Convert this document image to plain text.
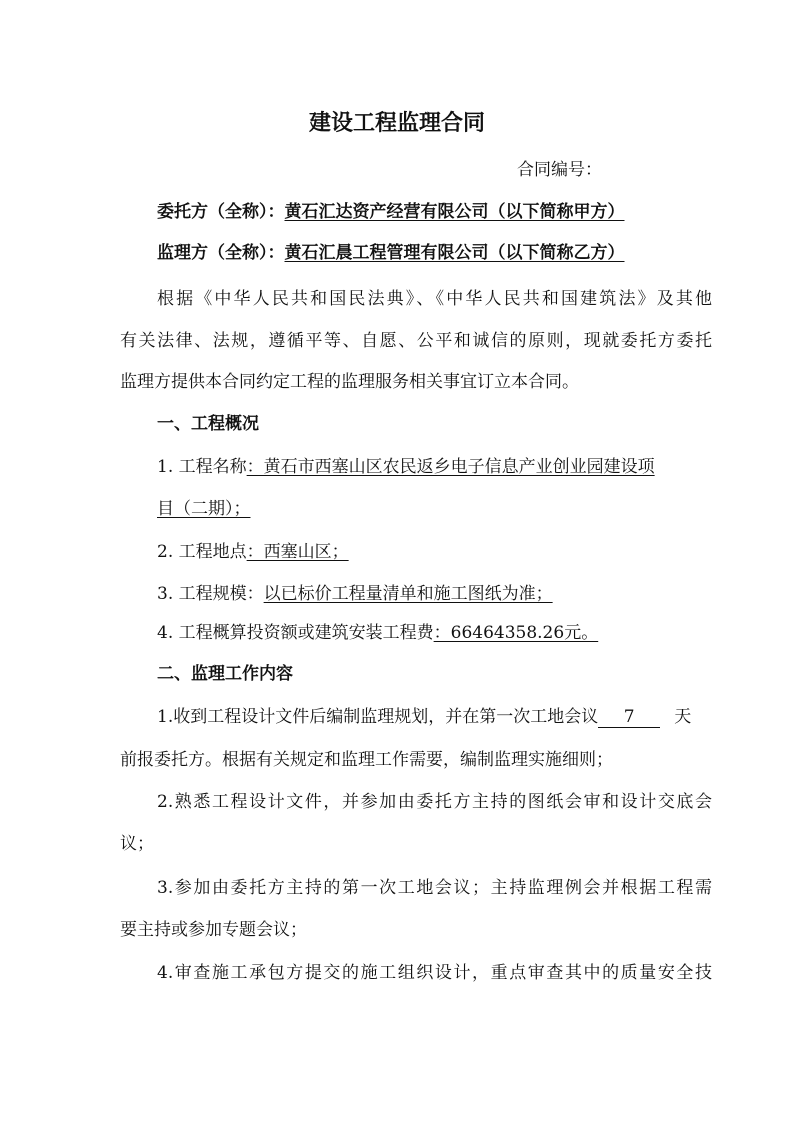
建设工程监理合同
合同编号：
委托方（全称）：黄石汇达资产经营有限公司（以下简称甲方）
监理方（全称）：黄石汇晨工程管理有限公司（以下简称乙方）
根据《中华人民共和国民法典》、《中华人民共和国建筑法》及其他
有关法律、法规，遵循平等、自愿、公平和诚信的原则，现就委托方委托
监理方提供本合同约定工程的监理服务相关事宜订立本合同。
一、工程概况
1. 工程名称：黄石市西塞山区农民返乡电子信息产业创业园建设项
目（二期）；
2. 工程地点：西塞山区；
3. 工程规模：以已标价工程量清单和施工图纸为准；
4. 工程概算投资额或建筑安装工程费：66464358.26元。
二、监理工作内容
1.收到工程设计文件后编制监理规划，并在第一次工地会议 7 天
前报委托方。根据有关规定和监理工作需要，编制监理实施细则；
2.熟悉工程设计文件，并参加由委托方主持的图纸会审和设计交底会
议；
3.参加由委托方主持的第一次工地会议；主持监理例会并根据工程需
要主持或参加专题会议；
4.审查施工承包方提交的施工组织设计，重点审查其中的质量安全技
